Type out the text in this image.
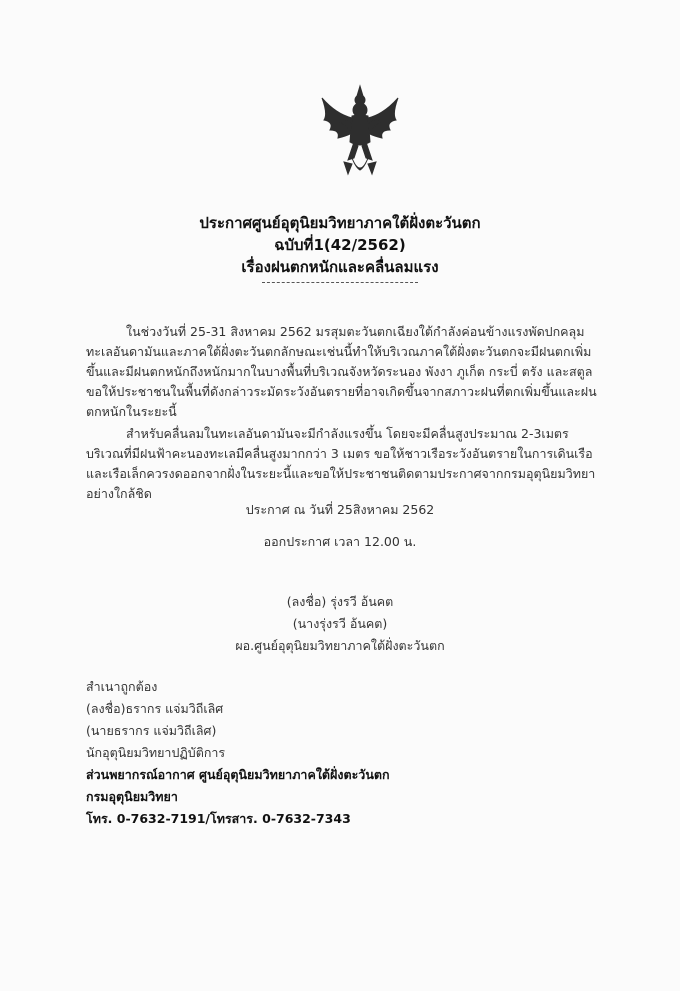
ประกาศศูนย์อุตุนิยมวิทยาภาคใต้ฝั่งตะวันตก
ฉบับที่1(42/2562)
เรื่องฝนตกหนักและคลื่นลมแรง

ในช่วงวันที่ 25-31 สิงหาคม 2562 มรสุมตะวันตกเฉียงใต้กำลังค่อนข้างแรงพัดปกคลุมทะเลอันดามันและภาคใต้ฝั่งตะวันตกลักษณะเช่นนี้ทำให้บริเวณภาคใต้ฝั่งตะวันตกจะมีฝนตกเพิ่มขึ้นและมีฝนตกหนักถึงหนักมากในบางพื้นที่บริเวณจังหวัดระนอง พังงา ภูเก็ต กระบี่ ตรัง และสตูล ขอให้ประชาชนในพื้นที่ดังกล่าวระมัดระวังอันตรายที่อาจเกิดขึ้นจากสภาวะฝนที่ตกเพิ่มขึ้นและฝนตกหนักในระยะนี้

สำหรับคลื่นลมในทะเลอันดามันจะมีกำลังแรงขึ้น โดยจะมีคลื่นสูงประมาณ 2-3เมตร บริเวณที่มีฝนฟ้าคะนองทะเลมีคลื่นสูงมากกว่า 3 เมตร ขอให้ชาวเรือระวังอันตรายในการเดินเรือ และเรือเล็กควรงดออกจากฝั่งในระยะนี้และขอให้ประชาชนติดตามประกาศจากกรมอุตุนิยมวิทยาอย่างใกล้ชิด

ประกาศ ณ วันที่ 25สิงหาคม 2562
ออกประกาศ เวลา 12.00 น.
(ลงชื่อ) รุ่งรวี อ้นคต
(นางรุ่งรวี อ้นคต)
ผอ.ศูนย์อุตุนิยมวิทยาภาคใต้ฝั่งตะวันตก
สำเนาถูกต้อง
(ลงชื่อ)ธรากร แจ่มวิถีเลิศ
(นายธรากร แจ่มวิถีเลิศ)
นักอุตุนิยมวิทยาปฏิบัติการ
ส่วนพยากรณ์อากาศ ศูนย์อุตุนิยมวิทยาภาคใต้ฝั่งตะวันตก
กรมอุตุนิยมวิทยา
โทร. 0-7632-7191/โทรสาร. 0-7632-7343
